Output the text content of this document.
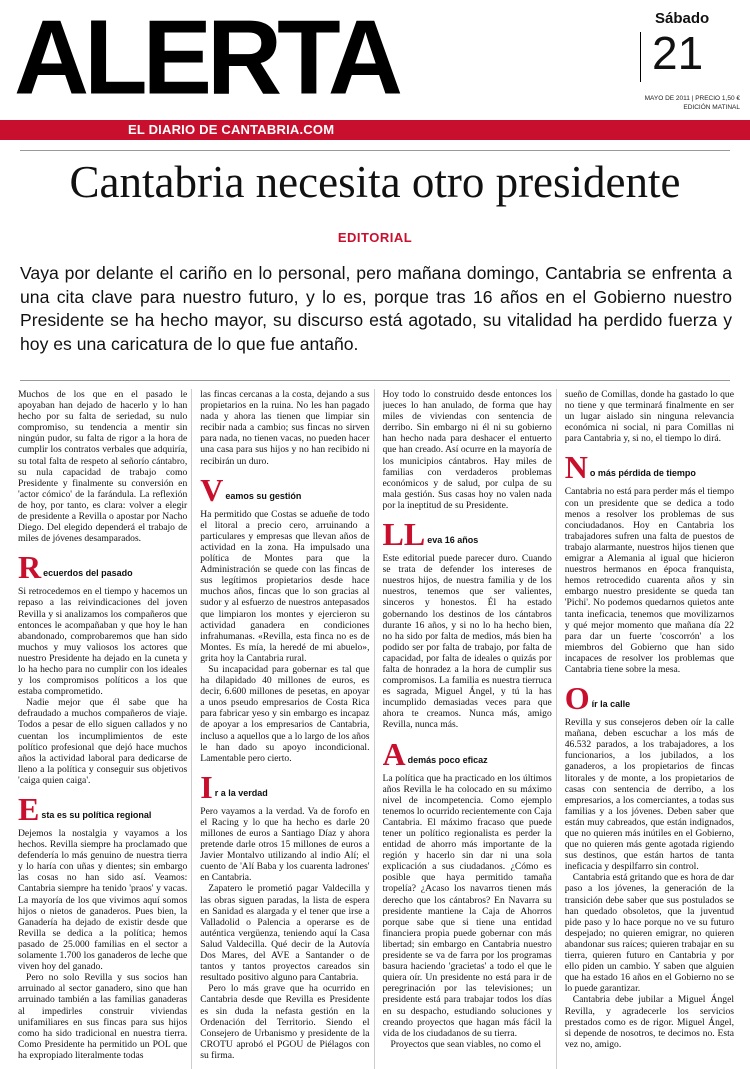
ALERTA
EL DIARIO DE CANTABRIA.COM
Sábado
21
MAYO DE 2011 | PRECIO 1,50 €
EDICIÓN MATINAL
Cantabria necesita otro presidente
EDITORIAL
Vaya por delante el cariño en lo personal, pero mañana domingo, Cantabria se enfrenta a una cita clave para nuestro futuro, y lo es, porque tras 16 años en el Gobierno nuestro Presidente se ha hecho mayor, su discurso está agotado, su vitalidad ha perdido fuerza y hoy es una caricatura de lo que fue antaño.

Muchos de los que en el pasado le apoyaban han dejado de hacerlo y lo han hecho por su falta de seriedad, su nulo compromiso, su tendencia a mentir sin ningún pudor, su falta de rigor a la hora de cumplir los contratos verbales que adquiría, su total falta de respeto al señorío cántabro, su nula capacidad de trabajo como Presidente y finalmente su conversión en 'actor cómico' de la farándula. La reflexión de hoy, por tanto, es clara: volver a elegir de presidente a Revilla o apostar por Nacho Diego. Del elegido dependerá el trabajo de miles de jóvenes desamparados.

R ecuerdos del pasado

Si retrocedemos en el tiempo y hacemos un repaso a las reivindicaciones del joven Revilla y si analizamos los compañeros que entonces le acompañaban y que hoy le han abandonado, comprobaremos que han sido muchos y muy valiosos los actores que nuestro Presidente ha dejado en la cuneta y lo ha hecho para no cumplir con los ideales y los compromisos políticos a los que estaba comprometido.

Nadie mejor que él sabe que ha defraudado a muchos compañeros de viaje. Todos a pesar de ello siguen callados y no cuentan los incumplimientos de este político profesional que dejó hace muchos años la actividad laboral para dedicarse de lleno a la política y conseguir sus objetivos 'caiga quien caiga'.

E sta es su política regional

Dejemos la nostalgia y vayamos a los hechos. Revilla siempre ha proclamado que defendería lo más genuino de nuestra tierra y lo haría con uñas y dientes; sin embargo las cosas no han sido así. Veamos: Cantabria siempre ha tenido 'praos' y vacas. La mayoría de los que vivimos aquí somos hijos o nietos de ganaderos. Pues bien, la Ganadería ha dejado de existir desde que Revilla se dedica a la política; hemos pasado de 25.000 familias en el sector a solamente 1.700 los ganaderos de leche que viven hoy del ganado.

Pero no solo Revilla y sus socios han arruinado al sector ganadero, sino que han arruinado también a las familias ganaderas al impedirles construir viviendas unifamiliares en sus fincas para sus hijos como ha sido tradicional en nuestra tierra. Como Presidente ha permitido un POL que ha expropiado literalmente todas

las fincas cercanas a la costa, dejando a sus propietarios en la ruina. No les han pagado nada y ahora las tienen que limpiar sin recibir nada a cambio; sus fincas no sirven para nada, no tienen vacas, no pueden hacer una casa para sus hijos y no han recibido ni recibirán un duro.

V eamos su gestión

Ha permitido que Costas se adueñe de todo el litoral a precio cero, arruinando a particulares y empresas que llevan años de actividad en la zona. Ha impulsado una política de Montes para que la Administración se quede con las fincas de sus legítimos propietarios desde hace muchos años, fincas que lo son gracias al sudor y al esfuerzo de nuestros antepasados que limpiaron los montes y ejercieron su actividad ganadera en condiciones infrahumanas. «Revilla, esta finca no es de Montes. Es mía, la heredé de mi abuelo», grita hoy la Cantabria rural.

Su incapacidad para gobernar es tal que ha dilapidado 40 millones de euros, es decir, 6.600 millones de pesetas, en apoyar a unos pseudo empresarios de Costa Rica para fabricar yeso y sin embargo es incapaz de apoyar a los empresarios de Cantabria, incluso a aquellos que a lo largo de los años le han dado su apoyo incondicional. Lamentable pero cierto.

I r a la verdad

Pero vayamos a la verdad. Va de forofo en el Racing y lo que ha hecho es darle 20 millones de euros a Santiago Díaz y ahora pretende darle otros 15 millones de euros a Javier Montalvo utilizando al indio Alí; el cuento de 'Alí Baba y los cuarenta ladrones' en Cantabria.

Zapatero le prometió pagar Valdecilla y las obras siguen paradas, la lista de espera en Sanidad es alargada y el tener que irse a Valladolid o Palencia a operarse es de auténtica vergüenza, teniendo aquí la Casa Salud Valdecilla. Qué decir de la Autovía Dos Mares, del AVE a Santander o de tantos y tantos proyectos careados sin resultado positivo alguno para Cantabria.

Pero lo más grave que ha ocurrido en Cantabria desde que Revilla es Presidente es sin duda la nefasta gestión en la Ordenación del Territorio. Siendo el Consejero de Urbanismo y presidente de la CROTU aprobó el PGOU de Piélagos con su firma.

Hoy todo lo construido desde entonces los jueces lo han anulado, de forma que hay miles de viviendas con sentencia de derribo. Sin embargo ni él ni su gobierno han hecho nada para deshacer el entuerto que han creado. Así ocurre en la mayoría de los municipios cántabros. Hay miles de familias con verdaderos problemas económicos y de salud, por culpa de su mala gestión. Sus casas hoy no valen nada por la ineptitud de su Presidente.

LL eva 16 años

Este editorial puede parecer duro. Cuando se trata de defender los intereses de nuestros hijos, de nuestra familia y de los nuestros, tenemos que ser valientes, sinceros y honestos. Él ha estado gobernando los destinos de los cántabros durante 16 años, y si no lo ha hecho bien, no ha sido por falta de medios, más bien ha podido ser por falta de trabajo, por falta de capacidad, por falta de ideales o quizás por falta de honradez a la hora de cumplir sus compromisos. La familia es nuestra tierruca es sagrada, Miguel Ángel, y tú la has incumplido demasiadas veces para que ahora te creamos. Nunca más, amigo Revilla, nunca más.

A demás poco eficaz

La política que ha practicado en los últimos años Revilla le ha colocado en su máximo nivel de incompetencia. Como ejemplo tenemos lo ocurrido recientemente con Caja Cantabria. El máximo fracaso que puede tener un político regionalista es perder la entidad de ahorro más importante de la región y hacerlo sin dar ni una sola explicación a sus ciudadanos. ¿Cómo es posible que haya permitido tamaña tropelía? ¿Acaso los navarros tienen más derecho que los cántabros? En Navarra su presidente mantiene la Caja de Ahorros porque sabe que si tiene una entidad financiera propia puede gobernar con más libertad; sin embargo en Cantabria nuestro presidente se va de farra por los programas basura haciendo 'gracietas' a todo el que le quiera oír. Un presidente no está para ir de peregrinación por las televisiones; un presidente está para trabajar todos los días en su despacho, estudiando soluciones y creando proyectos que hagan más fácil la vida de los ciudadanos de su tierra.

Proyectos que sean viables, no como el

sueño de Comillas, donde ha gastado lo que no tiene y que terminará finalmente en ser un lugar aislado sin ninguna relevancia económica ni social, ni para Comillas ni para Cantabria y, si no, el tiempo lo dirá.

N o más pérdida de tiempo

Cantabria no está para perder más el tiempo con un presidente que se dedica a todo menos a resolver los problemas de sus conciudadanos. Hoy en Cantabria los trabajadores sufren una falta de puestos de trabajo alarmante, nuestros hijos tienen que emigrar a Alemania al igual que hicieron nuestros hermanos en época franquista, hemos retrocedido cuarenta años y sin embargo nuestro presidente se queda tan 'Pichi'. No podemos quedarnos quietos ante tanta ineficacia, tenemos que movilizarnos y qué mejor momento que mañana día 22 para dar un fuerte 'coscorrón' a los miembros del Gobierno que han sido incapaces de resolver los problemas que Cantabria tiene sobre la mesa.

O ír la calle

Revilla y sus consejeros deben oír la calle mañana, deben escuchar a los más de 46.532 parados, a los trabajadores, a los funcionarios, a los jubilados, a los ganaderos, a los propietarios de fincas litorales y de monte, a los propietarios de casas con sentencia de derribo, a los empresarios, a los comerciantes, a todas sus familias y a los jóvenes. Deben saber que están muy cabreados, que están indignados, que no quieren más inútiles en el Gobierno, que no quieren más gente agotada rigiendo sus destinos, que están hartos de tanta ineficacia y despilfarro sin control.

Cantabria está gritando que es hora de dar paso a los jóvenes, la generación de la transición debe saber que sus postulados se han quedado obsoletos, que la juventud pide paso y lo hace porque no ve su futuro despejado; no quieren emigrar, no quieren abandonar sus raíces; quieren trabajar en su tierra, quieren futuro en Cantabria y por ello piden un cambio. Y saben que alguien que ha estado 16 años en el Gobierno no se lo puede garantizar.

Cantabria debe jubilar a Miguel Ángel Revilla, y agradecerle los servicios prestados como es de rigor. Miguel Ángel, si depende de nosotros, te decimos no. Esta vez no, amigo.
